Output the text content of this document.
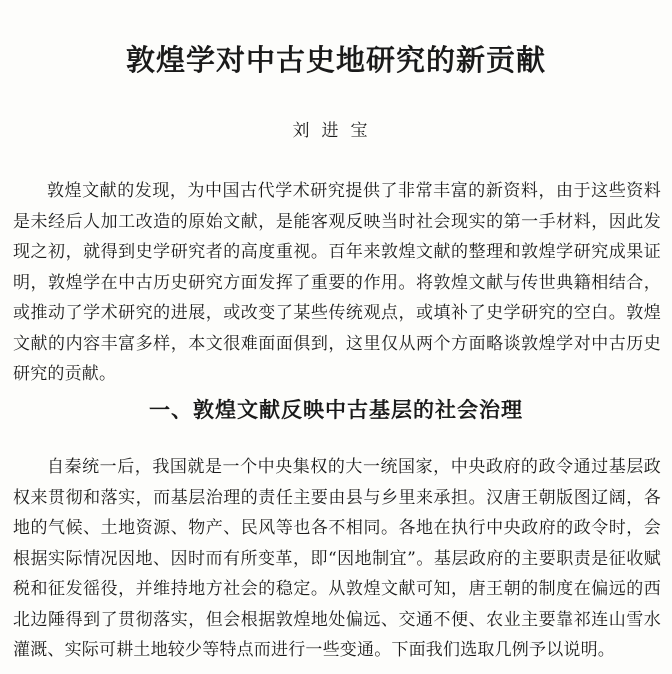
敦煌学对中古史地研究的新贡献

刘进宝

敦煌文献的发现，为中国古代学术研究提供了非常丰富的新资料，由于这些资料是未经后人加工改造的原始文献，是能客观反映当时社会现实的第一手材料，因此发现之初，就得到史学研究者的高度重视。百年来敦煌文献的整理和敦煌学研究成果证明，敦煌学在中古历史研究方面发挥了重要的作用。将敦煌文献与传世典籍相结合，或推动了学术研究的进展，或改变了某些传统观点，或填补了史学研究的空白。敦煌文献的内容丰富多样，本文很难面面俱到，这里仅从两个方面略谈敦煌学对中古历史研究的贡献。

一、敦煌文献反映中古基层的社会治理

自秦统一后，我国就是一个中央集权的大一统国家，中央政府的政令通过基层政权来贯彻和落实，而基层治理的责任主要由县与乡里来承担。汉唐王朝版图辽阔，各地的气候、土地资源、物产、民风等也各不相同。各地在执行中央政府的政令时，会根据实际情况因地、因时而有所变革，即“因地制宜”。基层政府的主要职责是征收赋税和征发徭役，并维持地方社会的稳定。从敦煌文献可知，唐王朝的制度在偏远的西北边陲得到了贯彻落实，但会根据敦煌地处偏远、交通不便、农业主要靠祁连山雪水灌溉、实际可耕土地较少等特点而进行一些变通。下面我们选取几例予以说明。
